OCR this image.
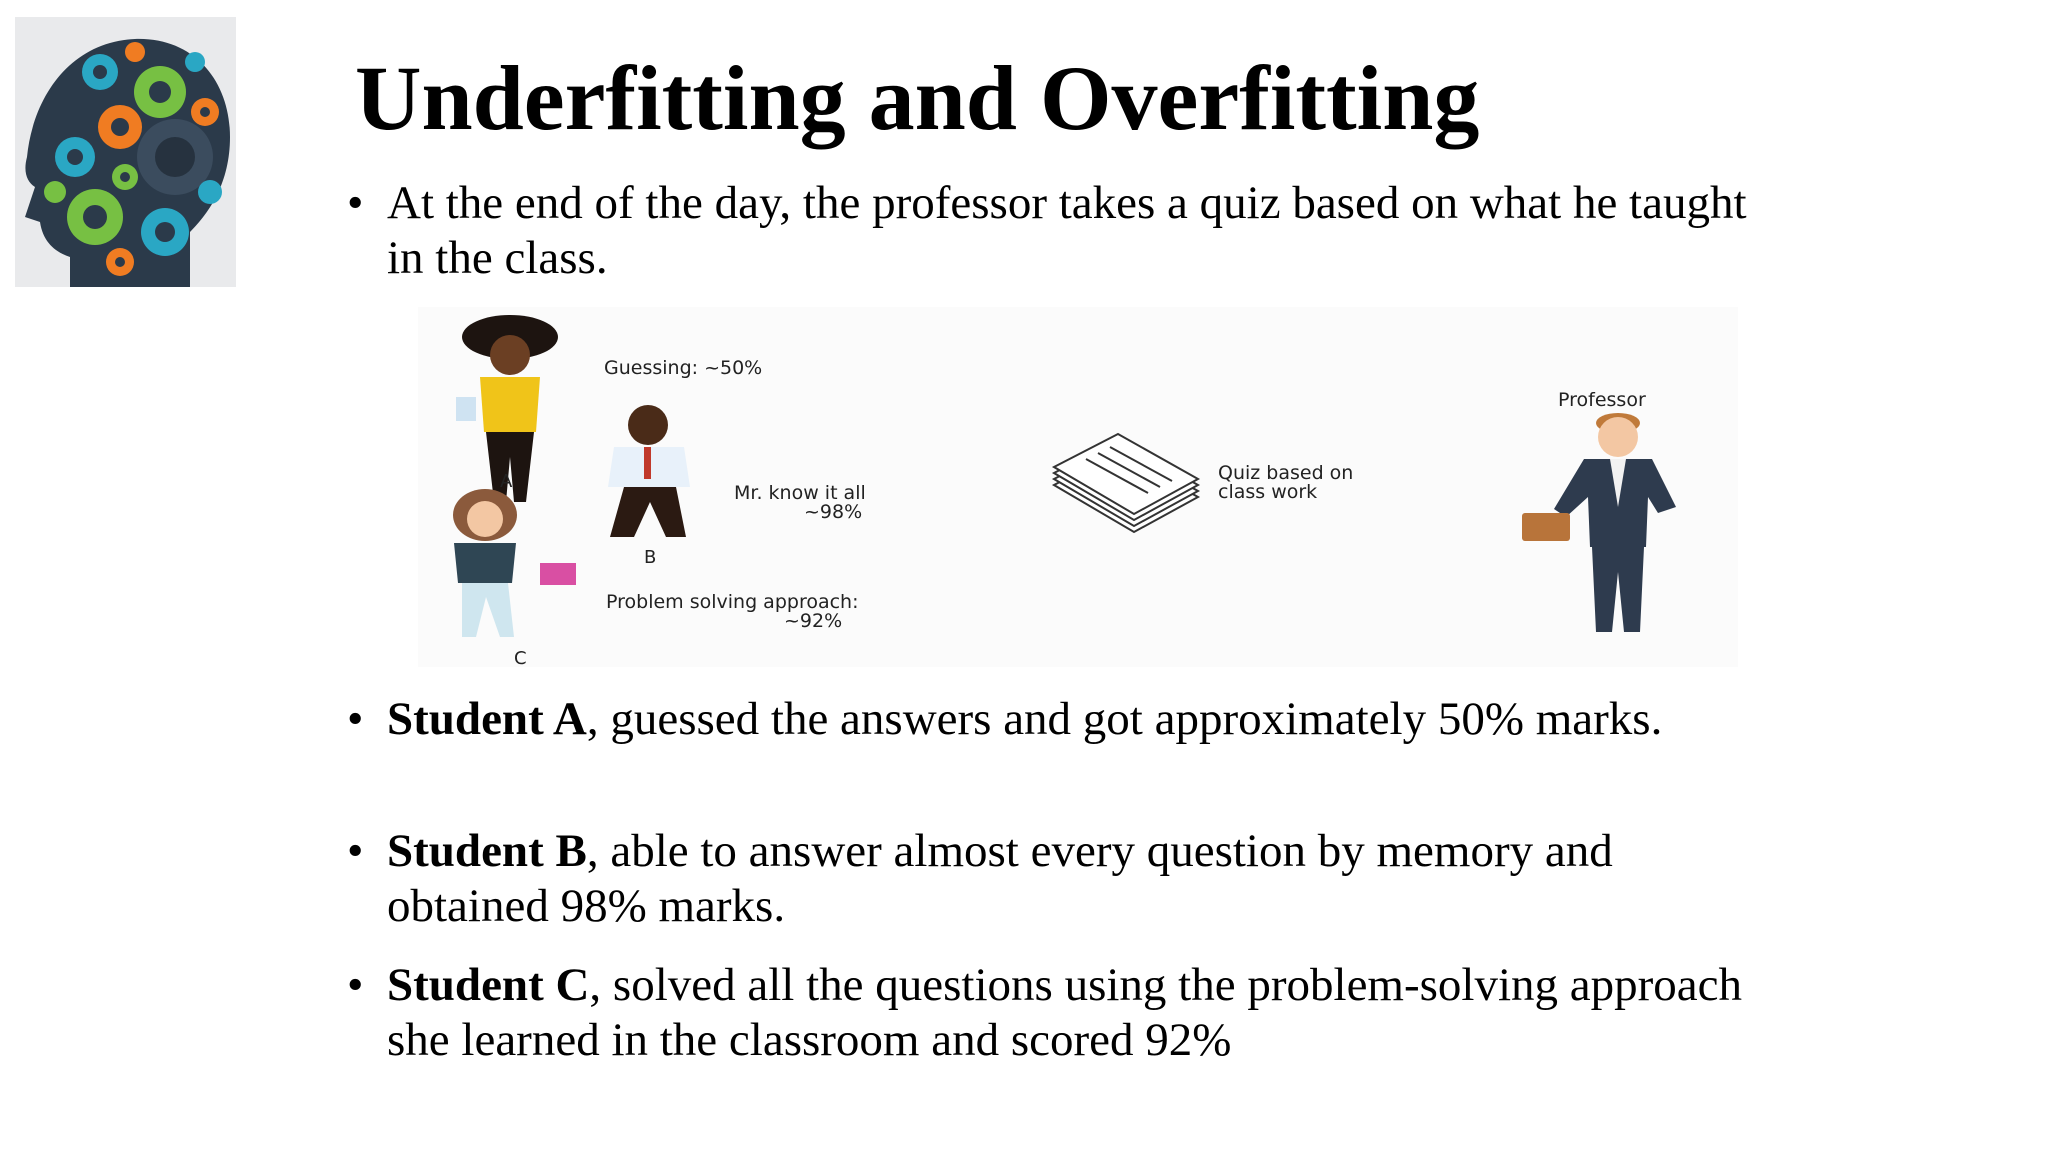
Underfitting and Overfitting
• At the end of the day, the professor takes a quiz based on what he taught in the class.
A
Guessing: ~50%
B
Mr. know it all
~98%
C
Problem solving approach:
~92%
Quiz based on
class work
Professor
• Student A, guessed the answers and got approximately 50% marks.
• Student B, able to answer almost every question by memory and obtained 98% marks.
• Student C, solved all the questions using the problem-solving approach she learned in the classroom and scored 92%
